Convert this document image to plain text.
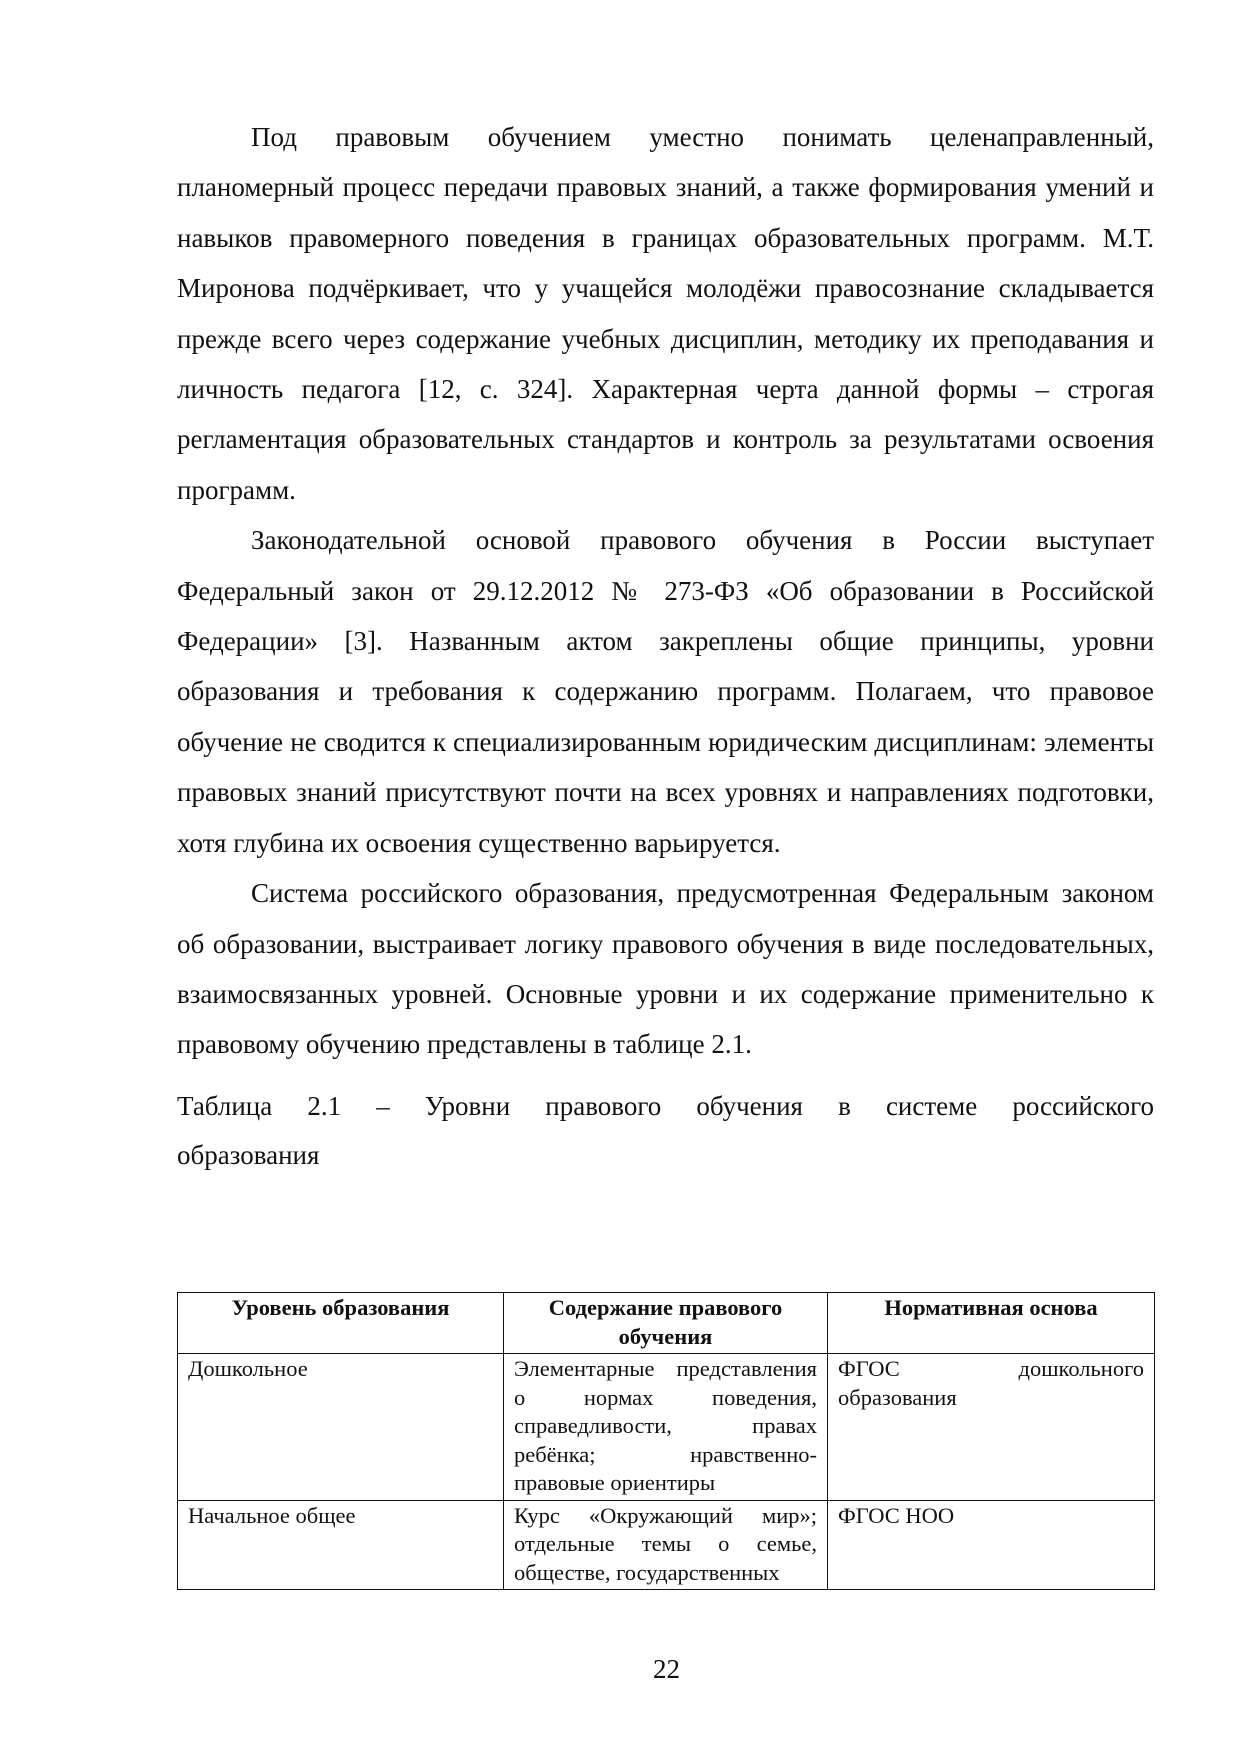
Под правовым обучением уместно понимать целенаправленный, планомерный процесс передачи правовых знаний, а также формирования умений и навыков правомерного поведения в границах образовательных программ. М.Т. Миронова подчёркивает, что у учащейся молодёжи правосознание складывается прежде всего через содержание учебных дисциплин, методику их преподавания и личность педагога [12, с. 324]. Характерная черта данной формы – строгая регламентация образовательных стандартов и контроль за результатами освоения программ.

Законодательной основой правового обучения в России выступает Федеральный закон от 29.12.2012 № 273-ФЗ «Об образовании в Российской Федерации» [3]. Названным актом закреплены общие принципы, уровни образования и требования к содержанию программ. Полагаем, что правовое обучение не сводится к специализированным юридическим дисциплинам: элементы правовых знаний присутствуют почти на всех уровнях и направлениях подготовки, хотя глубина их освоения существенно варьируется.

Система российского образования, предусмотренная Федеральным законом об образовании, выстраивает логику правового обучения в виде последовательных, взаимосвязанных уровней. Основные уровни и их содержание применительно к правовому обучению представлены в таблице 2.1.

Таблица 2.1 – Уровни правового обучения в системе российского
образования

Уровень образования	Содержание правового обучения	Нормативная основа
Дошкольное	Элементарные представления о нормах поведения, справедливости, правах ребёнка; нравственно-правовые ориентиры	ФГОС дошкольного образования
Начальное общее	Курс «Окружающий мир»; отдельные темы о семье, обществе, государственных	ФГОС НОО
22
